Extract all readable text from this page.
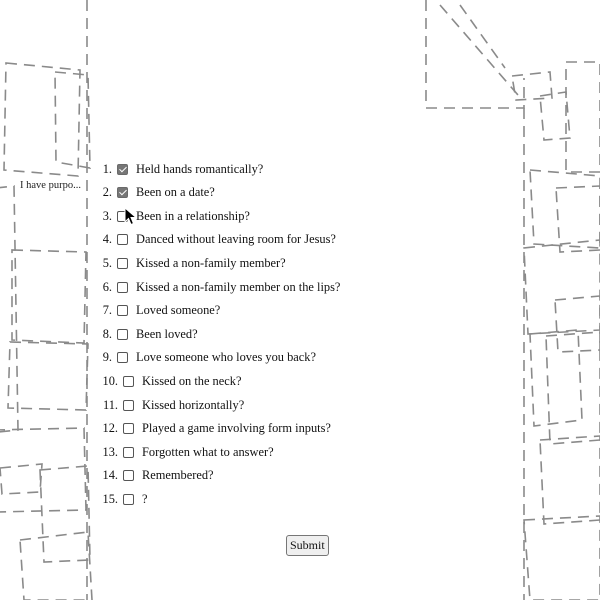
I have purpo...
1. Held hands romantically?
2. Been on a date?
3. Been in a relationship?
4. Danced without leaving room for Jesus?
5. Kissed a non-family member?
6. Kissed a non-family member on the lips?
7. Loved someone?
8. Been loved?
9. Love someone who loves you back?
10. Kissed on the neck?
11. Kissed horizontally?
12. Played a game involving form inputs?
13. Forgotten what to answer?
14. Remembered?
15. ?
Submit
